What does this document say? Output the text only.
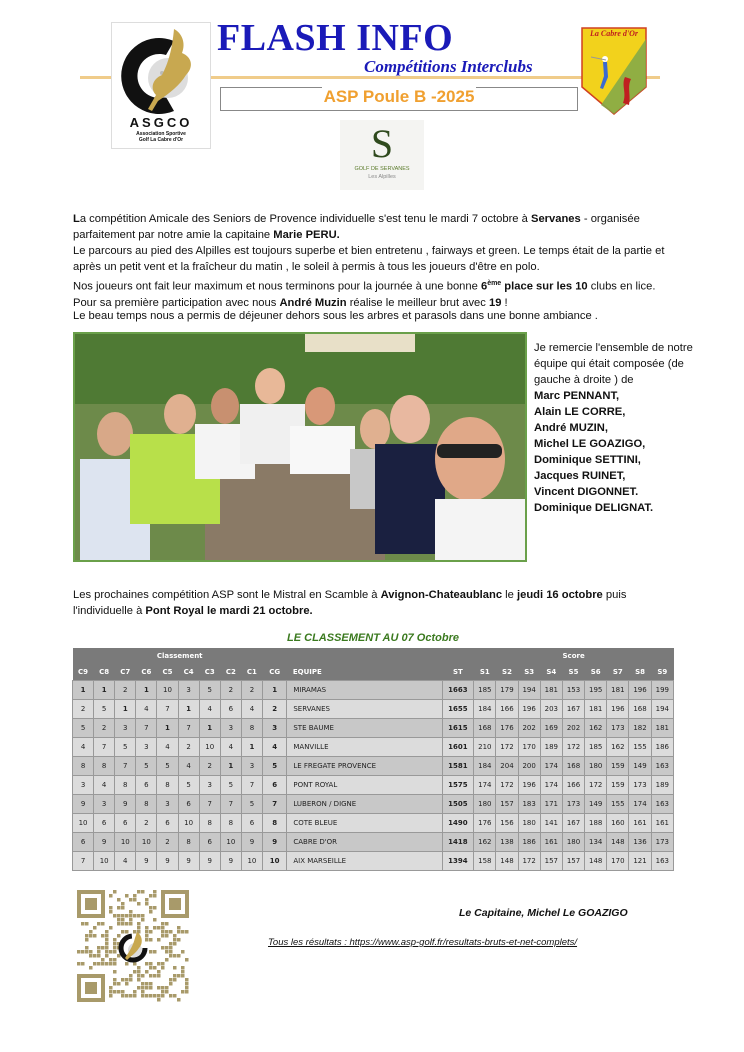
ASGCO
Association Sportive
Golf La Cabre d'Or
FLASH INFO
Compétitions Interclubs
ASP Poule B -2025
La Cabre d'Or
S
GOLF DE SERVANES
Les Alpilles
La compétition Amicale des Seniors de Provence individuelle s'est tenu le mardi 7 octobre à Servanes - organisée parfaitement par notre amie la capitaine Marie PERU.
Le parcours au pied des Alpilles est toujours superbe et bien entretenu , fairways et green. Le temps était de la partie et après un petit vent et la fraîcheur du matin , le soleil à permis à tous les joueurs d'être en polo.
Nos joueurs ont fait leur maximum et nous terminons pour la journée à une bonne 6ème place sur les 10 clubs en lice. Pour sa première participation avec nous André Muzin réalise le meilleur brut avec 19 !
Le beau temps nous a permis de déjeuner dehors sous les arbres et parasols dans une bonne ambiance .
Je remercie l'ensemble de notre équipe qui était composée (de gauche à droite ) de
Marc PENNANT,
Alain LE CORRE,
André MUZIN,
Michel LE GOAZIGO,
Dominique SETTINI,
Jacques RUINET,
Vincent DIGONNET.
Dominique DELIGNAT.
Les prochaines compétition ASP sont le Mistral en Scamble à Avignon-Chateaublanc le jeudi 16 octobre puis l'individuelle à Pont Royal le mardi 21 octobre.
LE CLASSEMENT AU 07 Octobre
Classement												Score								
C9	C8	C7	C6	C5	C4	C3	C2	C1	CG	EQUIPE	ST	S1	S2	S3	S4	S5	S6	S7	S8	S9
1	1	2	1	10	3	5	2	2	1	MIRAMAS	1663	185	179	194	181	153	195	181	196	199
2	5	1	4	7	1	4	6	4	2	SERVANES	1655	184	166	196	203	167	181	196	168	194
5	2	3	7	1	7	1	3	8	3	STE BAUME	1615	168	176	202	169	202	162	173	182	181
4	7	5	3	4	2	10	4	1	4	MANVILLE	1601	210	172	170	189	172	185	162	155	186
8	8	7	5	5	4	2	1	3	5	LE FREGATE PROVENCE	1581	184	204	200	174	168	180	159	149	163
3	4	8	6	8	5	3	5	7	6	PONT ROYAL	1575	174	172	196	174	166	172	159	173	189
9	3	9	8	3	6	7	7	5	7	LUBERON / DIGNE	1505	180	157	183	171	173	149	155	174	163
10	6	6	2	6	10	8	8	6	8	COTE BLEUE	1490	176	156	180	141	167	188	160	161	161
6	9	10	10	2	8	6	10	9	9	CABRE D'OR	1418	162	138	186	161	180	134	148	136	173
7	10	4	9	9	9	9	9	10	10	AIX MARSEILLE	1394	158	148	172	157	157	148	170	121	163
Le Capitaine, Michel Le GOAZIGO
Tous les résultats : https://www.asp-golf.fr/resultats-bruts-et-net-complets/
